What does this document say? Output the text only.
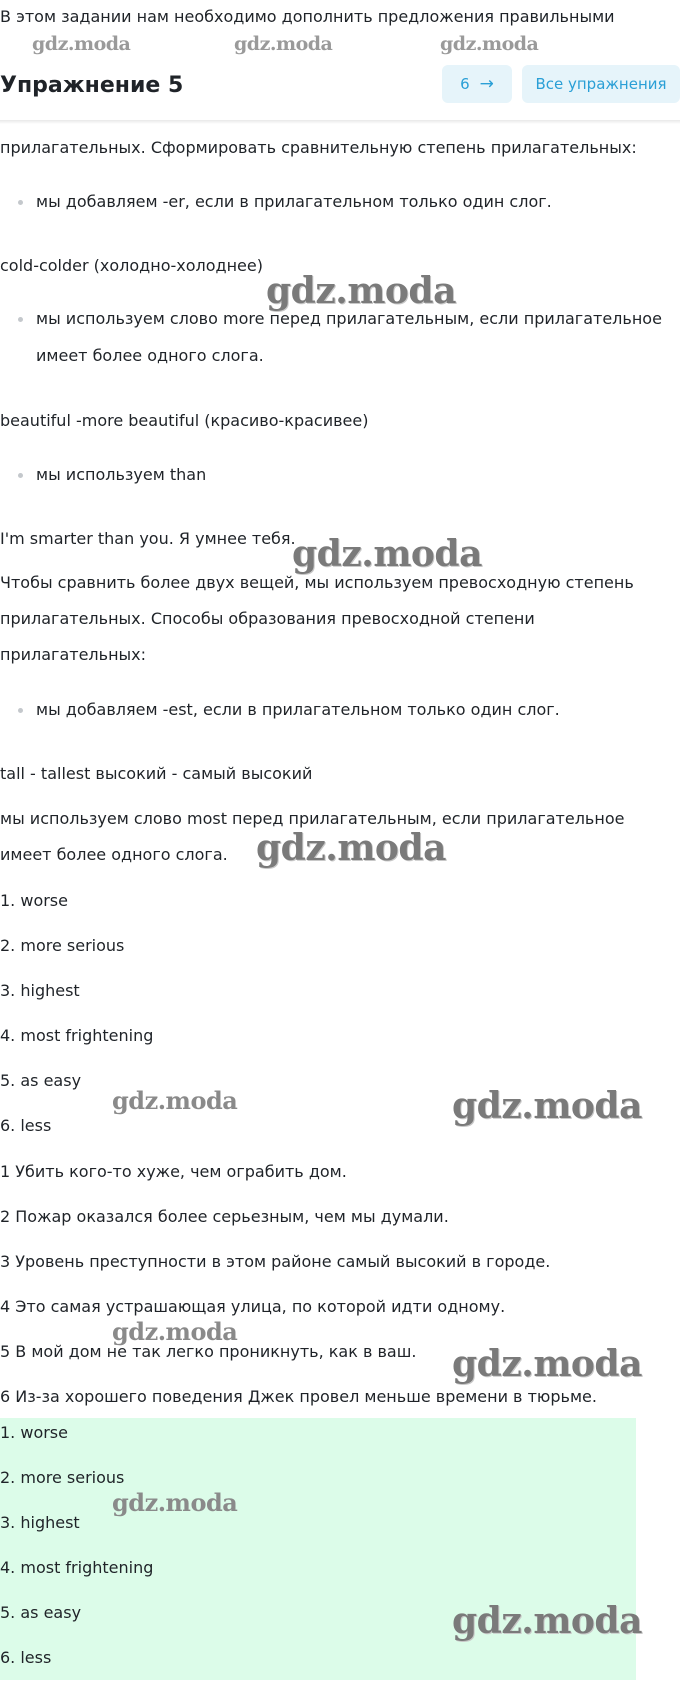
В этом задании нам необходимо дополнить предложения правильными
gdz.moda	gdz.moda	gdz.moda
Упражнение 5	6 →	Все упражнения
прилагательных. Сформировать сравнительную степень прилагательных:
мы добавляем -er, если в прилагательном только один слог.
cold-colder (холодно-холоднее)
мы используем слово more перед прилагательным, если прилагательное
имеет более одного слога.
beautiful -more beautiful (красиво-красивее)
мы используем than
I'm smarter than you. Я умнее тебя.
Чтобы сравнить более двух вещей, мы используем превосходную степень
прилагательных. Способы образования превосходной степени
прилагательных:
мы добавляем -est, если в прилагательном только один слог.
tall - tallest высокий - самый высокий
мы используем слово most перед прилагательным, если прилагательное
имеет более одного слога.
1. worse
2. more serious
3. highest
4. most frightening
5. as easy
6. less
1 Убить кого-то хуже, чем ограбить дом.
2 Пожар оказался более серьезным, чем мы думали.
3 Уровень преступности в этом районе самый высокий в городе.
4 Это самая устрашающая улица, по которой идти одному.
5 В мой дом не так легко проникнуть, как в ваш.
6 Из-за хорошего поведения Джек провел меньше времени в тюрьме.
1. worse
2. more serious
3. highest
4. most frightening
5. as easy
6. less
gdz.moda
gdz.moda
gdz.moda
gdz.moda
gdz.moda
gdz.moda
gdz.moda
gdz.moda
gdz.moda
